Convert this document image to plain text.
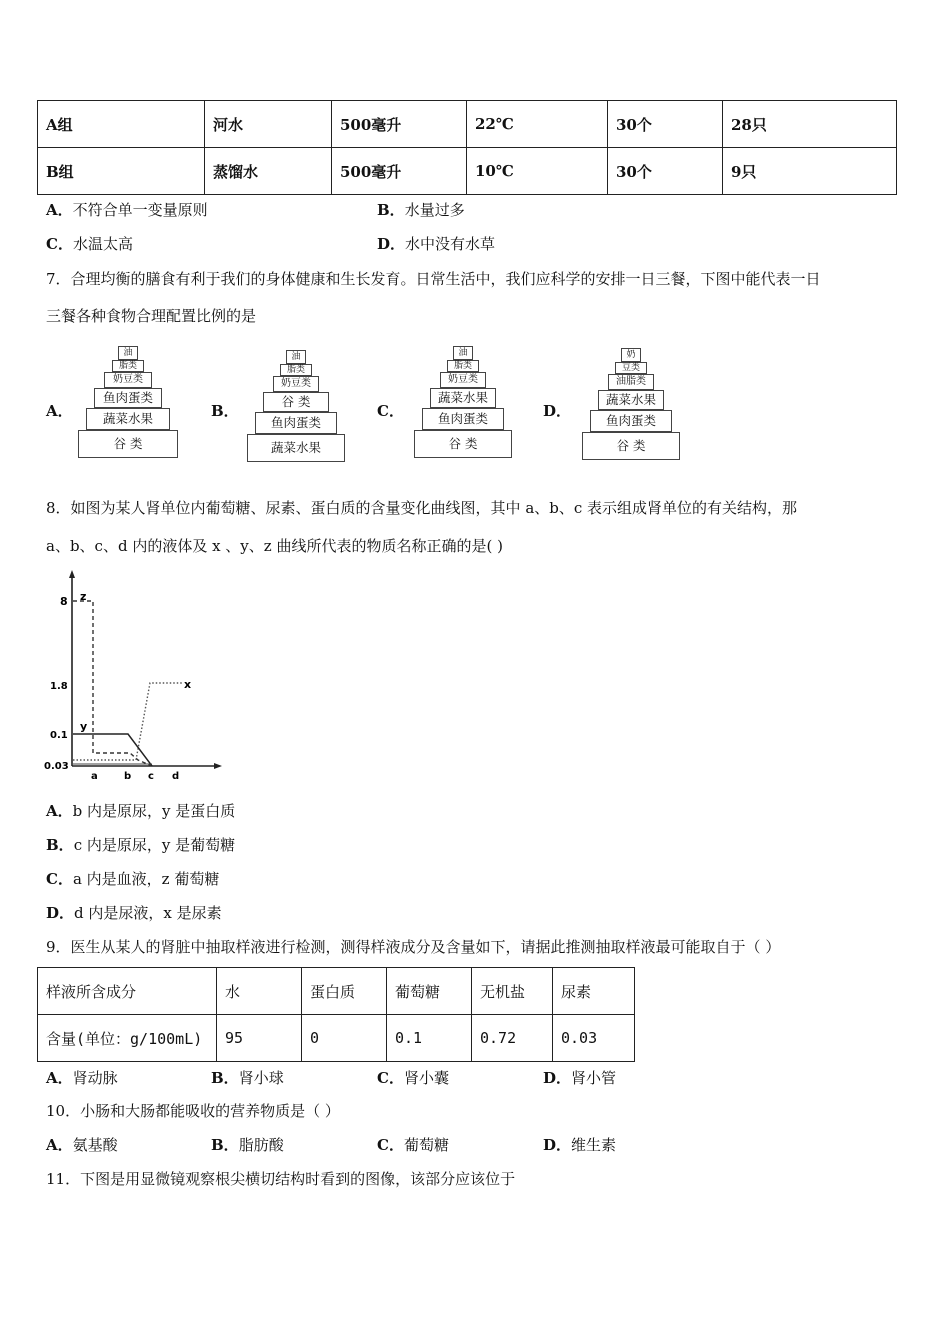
A组	河水	500毫升	22℃	30个	28只
B组	蒸馏水	500毫升	10℃	30个	9只
A．不符合单一变量原则	B．水量过多
C．水温太高	D．水中没有水草
7．合理均衡的膳食有利于我们的身体健康和生长发育。日常生活中，我们应科学的安排一日三餐，下图中能代表一日
三餐各种食物合理配置比例的是
A．
油
脂类
奶豆类
鱼肉蛋类
蔬菜水果
谷 类
B．
油
脂类
奶豆类
谷 类
鱼肉蛋类
蔬菜水果
C．
油
脂类
奶豆类
蔬菜水果
鱼肉蛋类
谷 类
D．
奶
豆类
油脂类
蔬菜水果
鱼肉蛋类
谷 类
8．如图为某人肾单位内葡萄糖、尿素、蛋白质的含量变化曲线图，其中 a、b、c 表示组成肾单位的有关结构，那
a、b、c、d 内的液体及 x 、y、z 曲线所代表的物质名称正确的是( )
8
1.8
0.1
0.03
a	b c d
z
x
y
A．b 内是原尿，y 是蛋白质
B．c 内是原尿，y 是葡萄糖
C．a 内是血液，z 葡萄糖
D．d 内是尿液，x 是尿素
9．医生从某人的肾脏中抽取样液进行检测，测得样液成分及含量如下，请据此推测抽取样液最可能取自于（ ）
样液所含成分	水	蛋白质	葡萄糖	无机盐	尿素
含量(单位：g/100mL)	95	0	0.1	0.72	0.03
A．肾动脉	B．肾小球	C．肾小囊	D．肾小管
10．小肠和大肠都能吸收的营养物质是（ ）
A．氨基酸	B．脂肪酸	C．葡萄糖	D．维生素
11．下图是用显微镜观察根尖横切结构时看到的图像，该部分应该位于
